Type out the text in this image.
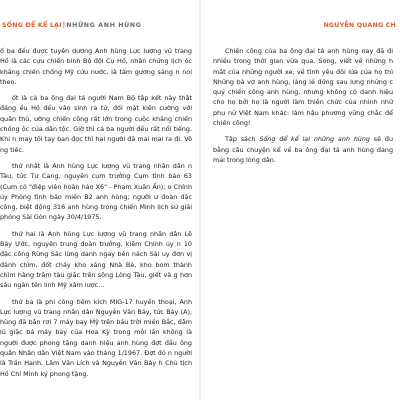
SỐNG ĐỂ KỂ LẠI|NHỮNG ANH HÙNG

ố ba đều được tuyên dương Anh hùng Lực lượng vũ trang Hồ là các cựu chiến binh Bộ đội Cụ Hồ, nhân chứng lịch óc kháng chiến chống Mỹ cứu nước, là tấm gương sáng n noi theo.

ốt là cả ba ông đại tá người Nam Bộ tập kết này thật đáng ều Hồ đều vào sinh ra tử, đối mặt kiên cường với quân thù, ường chiến công rất lớn trong cuộc kháng chiến chống ộc của dân tộc. Giờ thì cả ba người đều rất nổi tiếng. Khi n may tôi tạy ban đọc thì hai người đã mai mai ra đi. Vô ng tiếc.

thứ nhất là Anh hùng Lực lượng vũ trang nhân dân n Tàu, tức Tư Cang, nguyên cụm trưởng Cụm tình báo 63 (Cụm có "điệp viên hoàn hảo X6" - Phạm Xuân Ẩn); o Chính ủy Phòng tình báo miền B2 anh hùng; người ư đoàn đặc công, biệt động 316 anh hùng trong chiến Minh lịch sử giải phóng Sài Gòn ngày 30/4/1975.

thứ hai là Anh hùng Lực lượng vũ trang nhân dân Lê Bảy Ước, nguyên trung đoàn trưởng, kiêm Chính ủy n 10 đặc công Rừng Sác lừng danh ngay bên nách Sài uy đơn vị đánh chìm, đốt cháy kho xăng Nhà Bè, kho bom thành chìm hàng trăm tàu giặc trên sông Lòng Tàu, giết và g hơn sáu ngàn tên linh Mỹ xâm lược…

thứ ba là phi công tiêm kích MIG-17 huyền thoại, Anh Lực lượng vũ trang nhân dân Nguyễn Văn Bảy, tức Bảy (A), hùng đã bắn rơi 7 máy bay Mỹ trên bầu trời miền Bắc, đắm lũ giặc bá máy bay của Hoa Kỳ trong mỗi lần không là người được phong tặng danh hiệu anh hùng đợt đầu ông quân Nhân dân Việt Nam vào tháng 1/1967. Đợt đó n người là Trần Hanh, Lâm Văn Lích và Nguyễn Văn Bảy h Chủ tịch Hồ Chí Minh ký phong tặng.

NGUYỄN QUANG CH

Chiến công của ba ông đại tá anh hùng nay đã đi nhiều trong thời gian vừa qua. Song, viết về những h mặt của những người xe, về tình yêu đôi lứa của họ thì Những bà vợ anh hùng, làng lẻ đứng sau lưng những c quý chiến công anh hùng, nhưng không có danh hiệu cho họ bởi họ là người làm thiên chức của nhinh nhữ phụ nữ Việt Nam khác: làm hậu phương vững chắc để chiến công!

Tập sách Sống để kể lại những anh hùng sẽ đu bằng câu chuyện kể về ba ông đại tá anh hùng đang mai trong lòng dân.
